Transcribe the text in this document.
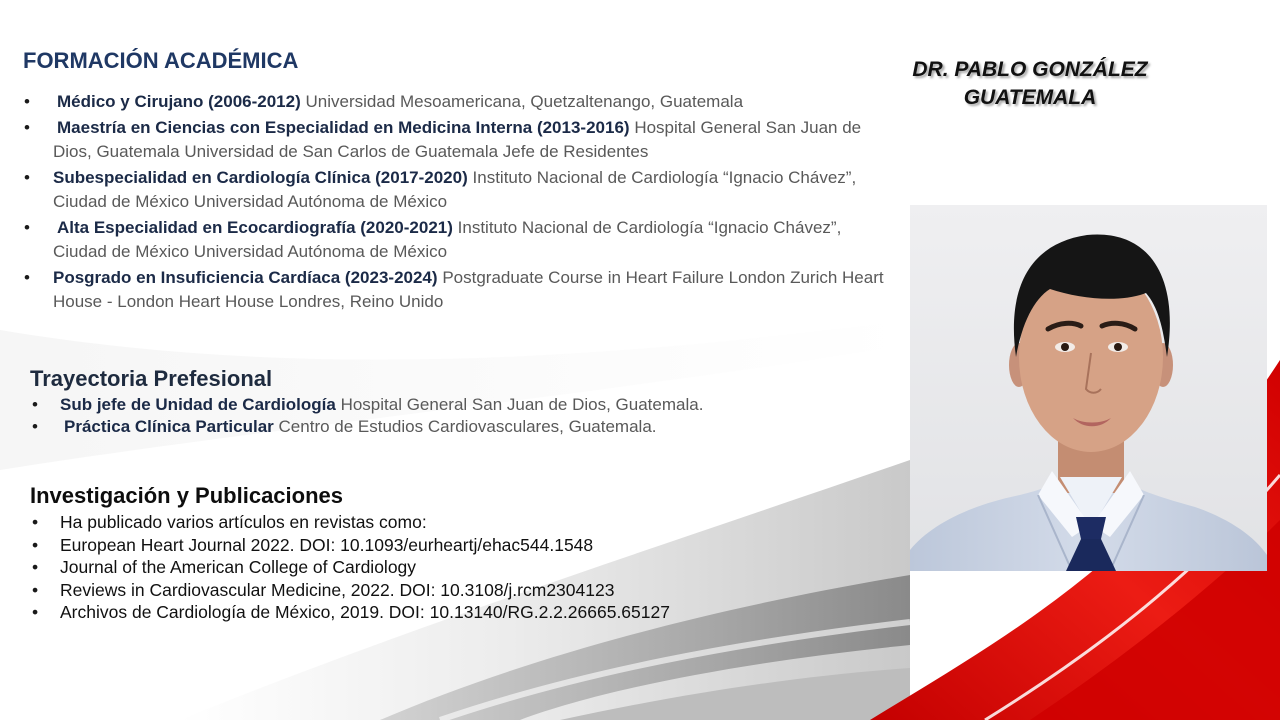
DR. PABLO GONZÁLEZ
GUATEMALA
FORMACIÓN ACADÉMICA
•
Médico y Cirujano (2006-2012) Universidad Mesoamericana, Quetzaltenango, Guatemala
•
Maestría en Ciencias con Especialidad en Medicina Interna (2013-2016) Hospital General San Juan de
Dios, Guatemala Universidad de San Carlos de Guatemala Jefe de Residentes
•
Subespecialidad en Cardiología Clínica (2017-2020) Instituto Nacional de Cardiología “Ignacio Chávez”,
Ciudad de México Universidad Autónoma de México
•
Alta Especialidad en Ecocardiografía (2020-2021) Instituto Nacional de Cardiología “Ignacio Chávez”,
Ciudad de México Universidad Autónoma de México
•
Posgrado en Insuficiencia Cardíaca (2023-2024) Postgraduate Course in Heart Failure London Zurich Heart
House - London Heart House Londres, Reino Unido
Trayectoria Prefesional
•
Sub jefe de Unidad de Cardiología Hospital General San Juan de Dios, Guatemala.
•
Práctica Clínica Particular Centro de Estudios Cardiovasculares, Guatemala.
Investigación y Publicaciones
•
Ha publicado varios artículos en revistas como:
•
European Heart Journal 2022. DOI: 10.1093/eurheartj/ehac544.1548
•
Journal of the American College of Cardiology
•
Reviews in Cardiovascular Medicine, 2022. DOI: 10.3108/j.rcm2304123
•
Archivos de Cardiología de México, 2019. DOI: 10.13140/RG.2.2.26665.65127
